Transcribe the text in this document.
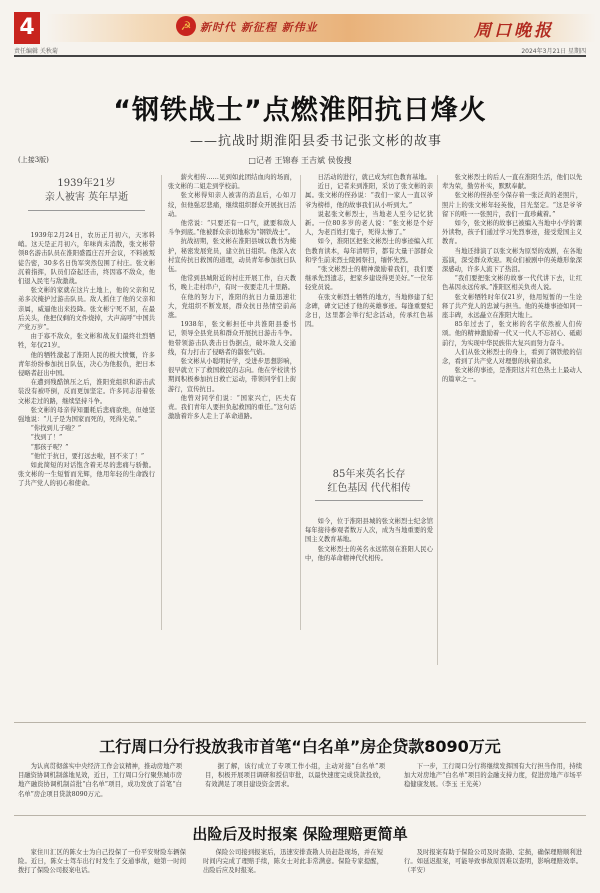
4	☭ 新时代 新征程 新伟业	周口晚报
责任编辑 关秋菊	2024年3月21日 星期四
“钢铁战士”点燃淮阳抗日烽火
——抗战时期淮阳县委书记张文彬的故事
(上接3版)	□记者 王锦春 王吉斌 侯俊搜
1939年21岁
亲人被害 英年早逝

1939年2月24日，农历正月初六，天寒料峭。这天是正月初六，年味尚未消散，张文彬带领8名游击队员在淮阳盛霞庄召开会议，不料被叛徒告密，30多名日伪军突然包围了村庄。张文彬沉着指挥，队员们奋起还击，终因寡不敌众，他们退入民宅与敌激战。

张文彬的家就在这片土地上，他的父亲和兄弟多次掩护过游击队员。敌人抓住了他的父亲和亲属，威逼他出来投降。张文彬宁死不屈，在最后关头，他把仅剩的文件烧掉，大声高呼“中国共产党万岁”。

由于寡不敌众，张文彬和战友们最终壮烈牺牲，年仅21岁。

他的牺牲激起了淮阳人民的极大愤慨，许多青年纷纷参加抗日队伍，决心为他报仇，把日本侵略者赶出中国。

在遭到残酷镇压之后，淮阳党组织和游击武装没有被吓倒，反而更加坚定。许多同志沿着张文彬走过的路，继续坚持斗争。

张文彬的母亲得知噩耗后悲痛欲绝，但她坚强地说：“儿子是为国家而死的，死得光荣。”

“你找到儿子啦？”

“找到了！”

“那孩子呢？”

“他忙于抗日，要打远去啦，回不来了！”

如此简短的对话饱含着无尽的悲痛与骄傲。张文彬的一生短暂而光辉，他用年轻的生命践行了共产党人的初心和使命。

薪火相传……见到如此团结血肉的场面，张文彬的二姐走到学校前。

张文彬得知亲人被害的消息后，心如刀绞，但他强忍悲痛，继续组织群众开展抗日活动。

他常说：“只要还有一口气，就要和敌人斗争到底。”他被群众亲切地称为“钢铁战士”。

抗战初期，张文彬在淮阳县城以教书为掩护，秘密发展党员，建立抗日组织。他深入农村宣传抗日救国的道理，动员青年参加抗日队伍。

他常到县城附近的村庄开展工作，白天教书，晚上走村串户，有时一夜要走几十里路。

在他的努力下，淮阳的抗日力量迅速壮大，党组织不断发展，群众抗日热情空前高涨。

1938年，张文彬担任中共淮阳县委书记，领导全县党员和群众开展抗日游击斗争。他带领游击队袭击日伪据点，破坏敌人交通线，有力打击了侵略者的嚣张气焰。

张文彬从小聪明好学，受进步思想影响，很早就立下了救国救民的志向。他在学校读书期间积极参加抗日救亡运动，带领同学们上街游行，宣传抗日。

他曾对同学们说：“国家兴亡，匹夫有责。我们青年人要担负起救国的重任。”这句话激励着许多人走上了革命道路。

日活动的进行，就已成为红色教育基地。

近日，记者来到淮阳，采访了张文彬的亲属。张文彬的侄孙说：“我们一家人一直以爷爷为榜样，他的故事我们从小听到大。”

说起张文彬烈士，当地老人至今记忆犹新。一位80多岁的老人说：“张文彬是个好人，为老百姓打鬼子，死得太惨了。”

如今，淮阳区把张文彬烈士的事迹编入红色教育读本，每年清明节，都有大量干部群众和学生前来烈士陵园祭扫，缅怀先烈。

“张文彬烈士的精神激励着我们，我们要继承先烈遗志，把家乡建设得更美好。”一位年轻党员说。

在张文彬烈士牺牲的地方，当地修建了纪念碑，碑文记述了他的英雄事迹。每逢重要纪念日，这里都会举行纪念活动，传承红色基因。

如今，位于淮阳县城的张文彬烈士纪念馆每年接待参观者数万人次，成为当地重要的爱国主义教育基地。

张文彬烈士的英名永远铭刻在淮阳人民心中，他的革命精神代代相传。

85年来英名长存
红色基因 代代相传

张文彬烈士的后人一直在淮阳生活，他们以先辈为荣，勤劳朴实，默默奉献。

张文彬的侄孙至今保存着一张泛黄的老照片，照片上的张文彬年轻英俊，目光坚定。“这是爷爷留下的唯一一张照片，我们一直珍藏着。”

如今，张文彬的故事已被编入当地中小学的课外读物，孩子们通过学习先烈事迹，接受爱国主义教育。

当地还排演了以张文彬为原型的戏剧，在各地巡演，深受群众欢迎。观众们被剧中的英雄形象深深感动，许多人流下了热泪。

“我们要把张文彬的故事一代代讲下去，让红色基因永远传承。”淮阳区相关负责人说。

张文彬牺牲时年仅21岁，他用短暂的一生诠释了共产党人的忠诚与担当。他的英雄事迹如同一座丰碑，永远矗立在淮阳大地上。

85年过去了，张文彬的名字依然被人们传颂。他的精神激励着一代又一代人不忘初心、砥砺前行，为实现中华民族伟大复兴而努力奋斗。

人们从张文彬烈士的身上，看到了钢铁般的信念，看到了共产党人对理想的执着追求。

张文彬的事迹，是淮阳这片红色热土上最动人的篇章之一。

工行周口分行投放我市首笔“白名单”房企贷款8090万元

为认真贯彻落实中央经济工作会议精神，推动房地产项目融资协调机制落地见效，近日，工行周口分行聚焦城市房地产融资协调机制首批“白名单”项目，成功发放了首笔“白名单”房企项目贷款8090万元。

据了解，该行成立了专项工作小组，主动对接“白名单”项目，积极开展项目调研和授信审批，以最快速度完成贷款投放，有效满足了项目建设资金需求。

下一步，工行周口分行将继续发挥国有大行担当作用，持续加大对房地产“白名单”项目的金融支持力度，促进房地产市场平稳健康发展。（李玉 王光英）

出险后及时报案 保险理赔更简单

家住川汇区的陈女士为自己投保了一份平安财险车辆保险。近日，陈女士驾车出行时发生了交通事故，她第一时间拨打了保险公司报案电话。

保险公司接到报案后，迅速安排查勘人员赶赴现场，并在短时间内完成了理赔手续，陈女士对此非常满意。保险专家提醒，出险后应及时报案。

及时报案有助于保险公司及时查勘、定损，确保理赔顺利进行。如延迟报案，可能导致事故原因难以查明，影响理赔效率。（平安）
